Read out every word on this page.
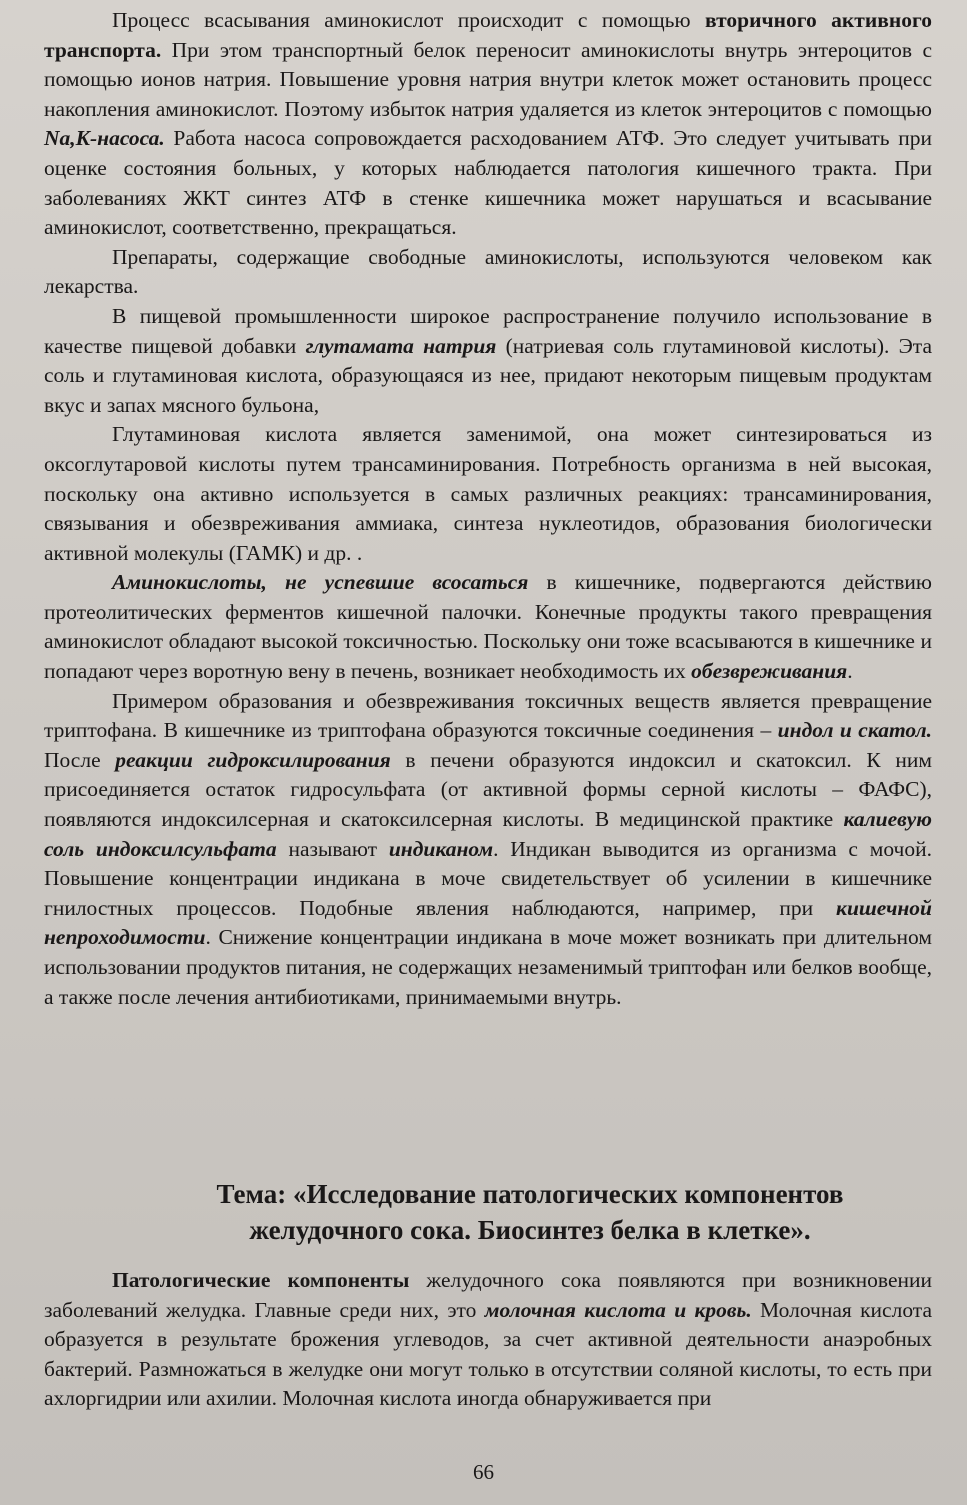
Процесс всасывания аминокислот происходит с помощью вторичного активного транспорта. При этом транспортный белок переносит аминокислоты внутрь энтероцитов с помощью ионов натрия. Повышение уровня натрия внутри клеток может остановить процесс накопления аминокислот. Поэтому избыток натрия удаляется из клеток энтероцитов с помощью Na,K-насоса. Работа насоса сопровождается расходованием АТФ. Это следует учитывать при оценке состояния больных, у которых наблюдается патология кишечного тракта. При заболеваниях ЖКТ синтез АТФ в стенке кишечника может нарушаться и всасывание аминокислот, соответственно, прекращаться.

Препараты, содержащие свободные аминокислоты, используются человеком как лекарства.

В пищевой промышленности широкое распространение получило использование в качестве пищевой добавки глутамата натрия (натриевая соль глутаминовой кислоты). Эта соль и глутаминовая кислота, образующаяся из нее, придают некоторым пищевым продуктам вкус и запах мясного бульона,

Глутаминовая кислота является заменимой, она может синтезироваться из оксоглутаровой кислоты путем трансаминирования. Потребность организма в ней высокая, поскольку она активно используется в самых различных реакциях: трансаминирования, связывания и обезвреживания аммиака, синтеза нуклеотидов, образования биологически активной молекулы (ГАМК) и др. .

Аминокислоты, не успевшие всосаться в кишечнике, подвергаются действию протеолитических ферментов кишечной палочки. Конечные продукты такого превращения аминокислот обладают высокой токсичностью. Поскольку они тоже всасываются в кишечнике и попадают через воротную вену в печень, возникает необходимость их обезвреживания.

Примером образования и обезвреживания токсичных веществ является превращение триптофана. В кишечнике из триптофана образуются токсичные соединения – индол и скатол. После реакции гидроксилирования в печени образуются индоксил и скатоксил. К ним присоединяется остаток гидросульфата (от активной формы серной кислоты – ФАФС), появляются индоксилсерная и скатоксилсерная кислоты. В медицинской практике калиевую соль индоксилсульфата называют индиканом. Индикан выводится из организма с мочой. Повышение концентрации индикана в моче свидетельствует об усилении в кишечнике гнилостных процессов. Подобные явления наблюдаются, например, при кишечной непроходимости. Снижение концентрации индикана в моче может возникать при длительном использовании продуктов питания, не содержащих незаменимый триптофан или белков вообще, а также после лечения антибиотиками, принимаемыми внутрь.

Тема: «Исследование патологических компонентов
желудочного сока. Биосинтез белка в клетке».

Патологические компоненты желудочного сока появляются при возникновении заболеваний желудка. Главные среди них, это молочная кислота и кровь. Молочная кислота образуется в результате брожения углеводов, за счет активной деятельности анаэробных бактерий. Размножаться в желудке они могут только в отсутствии соляной кислоты, то есть при ахлоргидрии или ахилии. Молочная кислота иногда обнаруживается при

66
